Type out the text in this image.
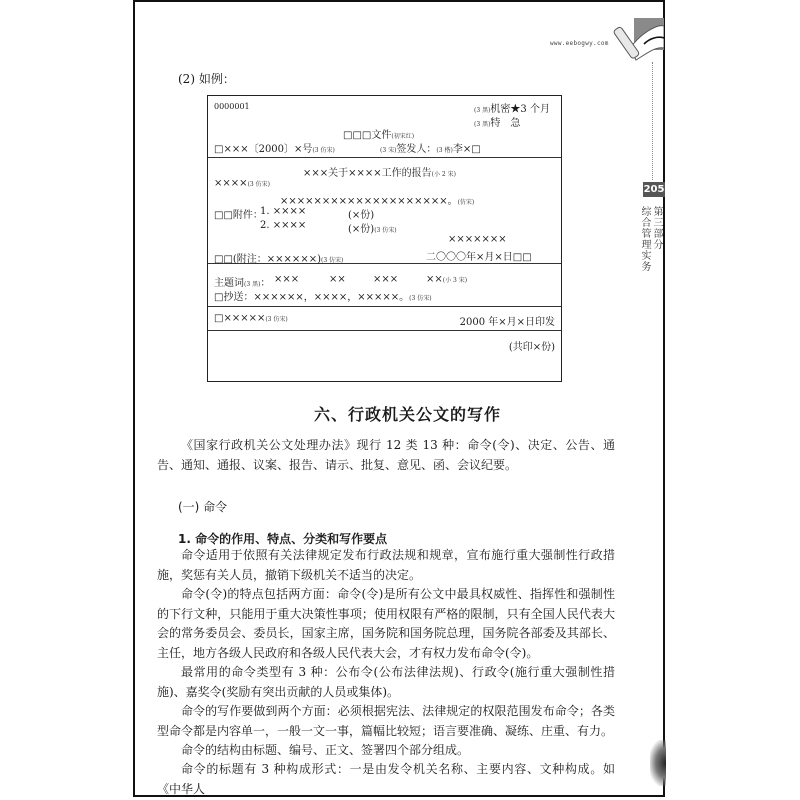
www.eebogwy.com
205
第三部分
综合管理实务
(2) 如例：
0000001	(3 黑)机密★3 个月
(3 黑)特　急
□□□文件(初宋红)
□×××〔2000〕×号(3 仿宋)	(3 宋)签发人：(3 楷)李×□
×××关于××××工作的报告(小 2 宋)
××××(3 仿宋)
××××××××××××××××××××。(仿宋)
□□附件：
1. ××××	(×份)
2. ××××	(×份)(3 仿宋)
×××××××
二〇〇〇年×月×日□□
□□(附注：××××××)(3 仿宋)
主题词(3 黑)： ×××	××	×××	××(小 3 宋)
□抄送：××××××，××××，×××××。(3 仿宋)
□×××××(3 仿宋)	2000 年×月×日印发
(共印×份)
六、行政机关公文的写作

《国家行政机关公文处理办法》现行 12 类 13 种：命令(令)、决定、公告、通告、通知、通报、议案、报告、请示、批复、意见、函、会议纪要。

(一) 命令
1. 命令的作用、特点、分类和写作要点

命令适用于依照有关法律规定发布行政法规和规章，宣布施行重大强制性行政措施，奖惩有关人员，撤销下级机关不适当的决定。

命令(令)的特点包括两方面：命令(令)是所有公文中最具权威性、指挥性和强制性的下行文种，只能用于重大决策性事项；使用权限有严格的限制，只有全国人民代表大会的常务委员会、委员长，国家主席，国务院和国务院总理，国务院各部委及其部长、主任，地方各级人民政府和各级人民代表大会，才有权力发布命令(令)。

最常用的命令类型有 3 种：公布令(公布法律法规)、行政令(施行重大强制性措施)、嘉奖令(奖励有突出贡献的人员或集体)。

命令的写作要做到两个方面：必须根据宪法、法律规定的权限范围发布命令；各类型命令都是内容单一，一般一文一事，篇幅比较短；语言要准确、凝练、庄重、有力。

命令的结构由标题、编号、正文、签署四个部分组成。

命令的标题有 3 种构成形式：一是由发令机关名称、主要内容、文种构成。如《中华人
